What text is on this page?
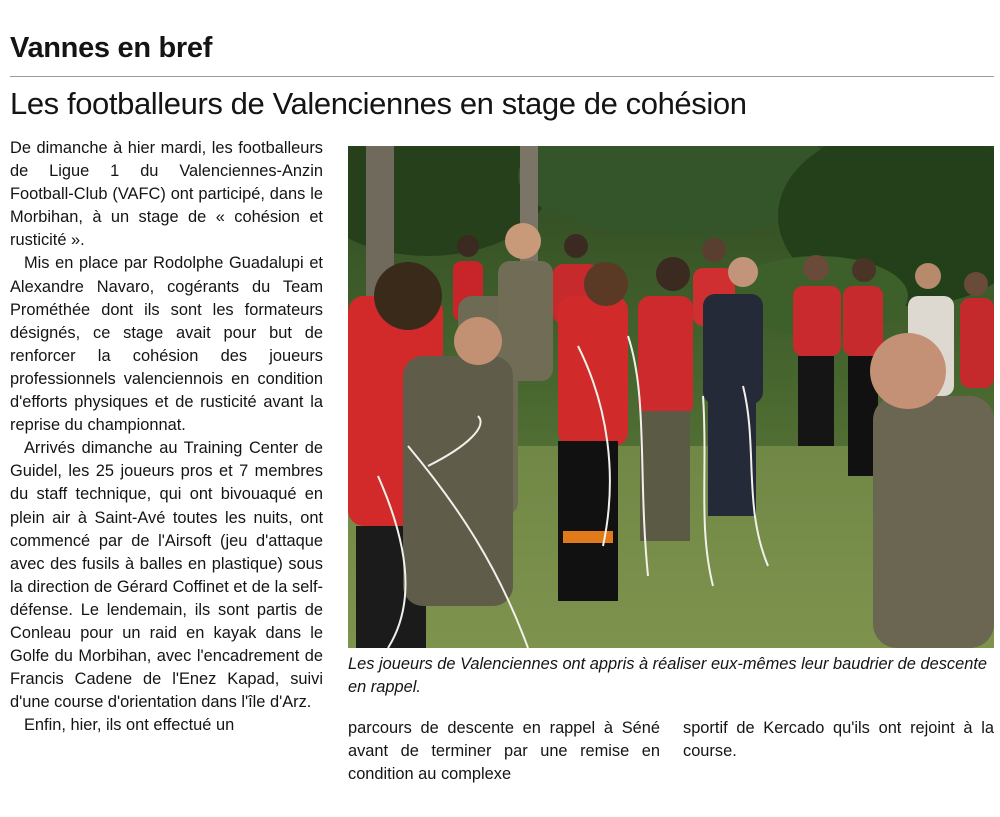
Vannes en bref
Les footballeurs de Valenciennes en stage de cohésion

De dimanche à hier mardi, les footballeurs de Ligue 1 du Valenciennes-Anzin Football-Club (VAFC) ont participé, dans le Morbihan, à un stage de « cohésion et rusticité ».

Mis en place par Rodolphe Guadalupi et Alexandre Navaro, cogérants du Team Prométhée dont ils sont les formateurs désignés, ce stage avait pour but de renforcer la cohésion des joueurs professionnels valenciennois en condition d'efforts physiques et de rusticité avant la reprise du championnat.

Arrivés dimanche au Training Center de Guidel, les 25 joueurs pros et 7 membres du staff technique, qui ont bivouaqué en plein air à Saint-Avé toutes les nuits, ont commencé par de l'Airsoft (jeu d'attaque avec des fusils à balles en plastique) sous la direction de Gérard Coffinet et de la self-défense. Le lendemain, ils sont partis de Conleau pour un raid en kayak dans le Golfe du Morbihan, avec l'encadrement de Francis Cadene de l'Enez Kapad, suivi d'une course d'orientation dans l'île d'Arz.

Enfin, hier, ils ont effectué un

Les joueurs de Valenciennes ont appris à réaliser eux-mêmes leur baudrier de descente en rappel.

parcours de descente en rappel à Séné avant de terminer par une remise en condition au complexe

sportif de Kercado qu'ils ont rejoint à la course.
